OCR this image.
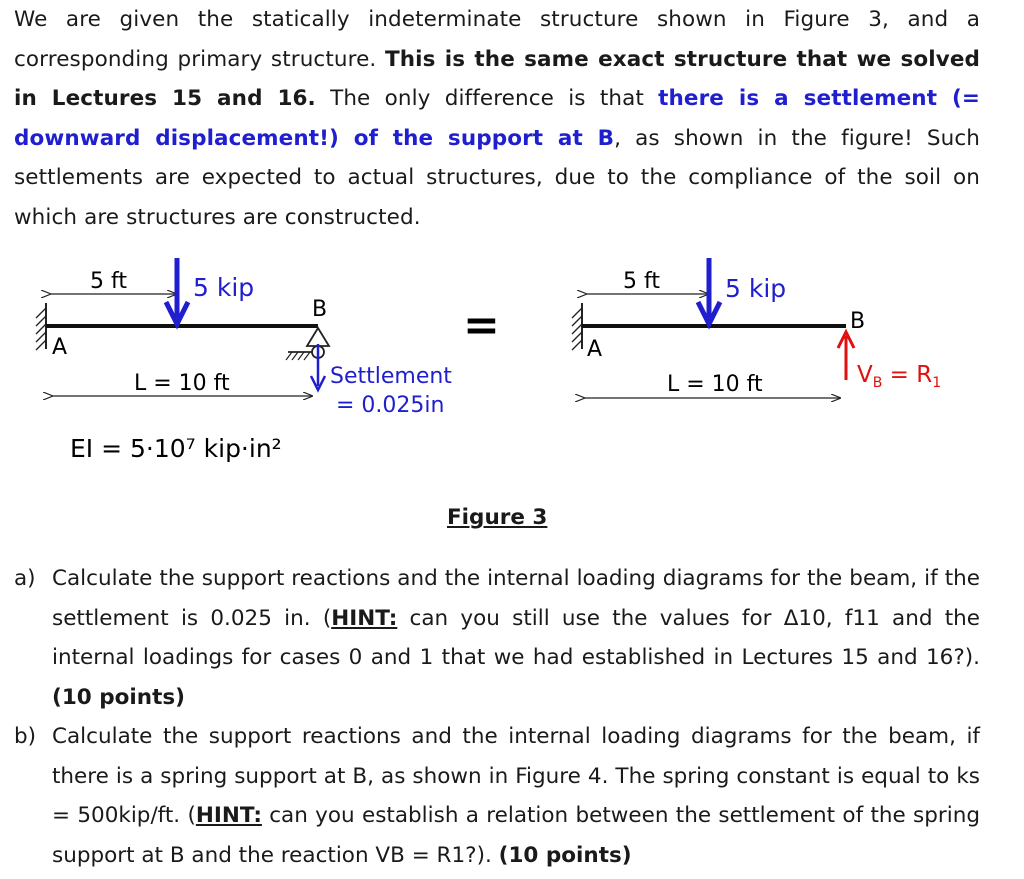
We are given the statically indeterminate structure shown in Figure 3, and a corresponding primary structure. This is the same exact structure that we solved in Lectures 15 and 16. The only difference is that there is a settlement (= downward displacement!) of the support at B, as shown in the figure! Such settlements are expected to actual structures, due to the compliance of the soil on which are structures are constructed.
5 ft	5 kip
A
B
Settlement
= 0.025in
L = 10 ft
EI = 5·10⁷ kip·in²
=
5 ft	5 kip
A
B
$V_B = R_1$
L = 10 ft
Figure 3
a) Calculate the support reactions and the internal loading diagrams for the beam, if the settlement is 0.025 in. (HINT: can you still use the values for Δ10, f11 and the internal loadings for cases 0 and 1 that we had established in Lectures 15 and 16?). (10 points)
b) Calculate the support reactions and the internal loading diagrams for the beam, if there is a spring support at B, as shown in Figure 4. The spring constant is equal to ks = 500kip/ft. (HINT: can you establish a relation between the settlement of the spring support at B and the reaction VB = R1?). (10 points)
